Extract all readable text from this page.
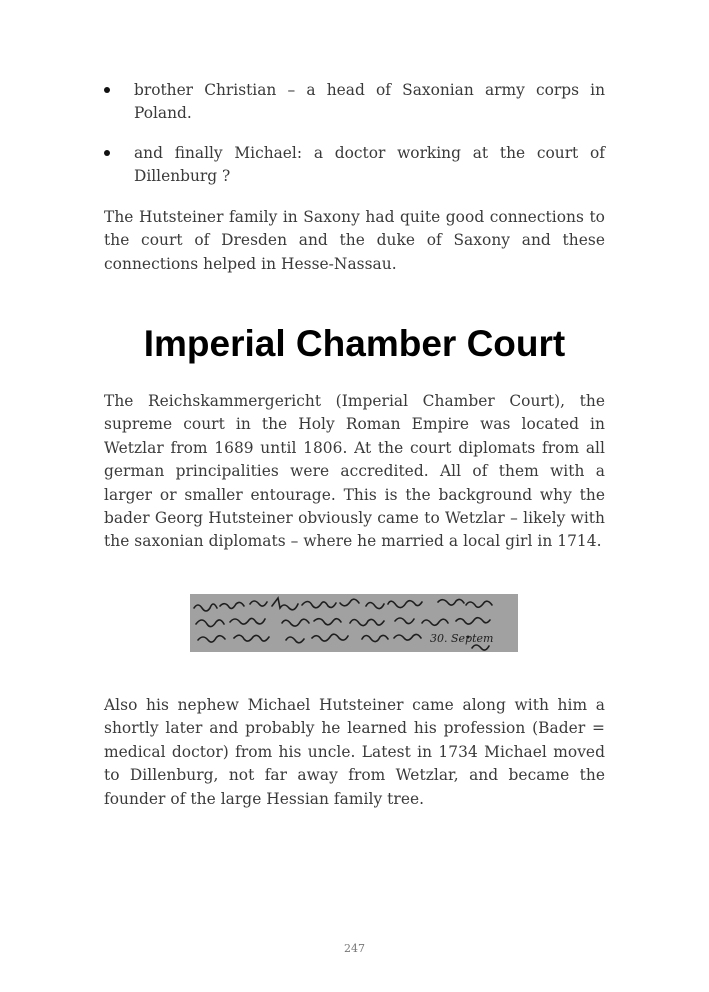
brother Christian – a head of Saxonian army corps in Poland.
and finally Michael: a doctor working at the court of Dillenburg ?

The Hutsteiner family in Saxony had quite good connections to the court of Dresden and the duke of Saxony and these connections helped in Hesse-Nassau.

Imperial Chamber Court

The Reichskammergericht (Imperial Chamber Court), the supreme court in the Holy Roman Empire was located in Wetzlar from 1689 until 1806. At the court diplomats from all german principalities were accredited. All of them with a larger or smaller entourage. This is the background why the bader Georg Hutsteiner obviously came to Wetzlar – likely with the saxonian diplomats – where he married a local girl in 1714.

30. Septem

Also his nephew Michael Hutsteiner came along with him a shortly later and probably he learned his profession (Bader = medical doctor) from his uncle. Latest in 1734 Michael moved to Dillenburg, not far away from Wetzlar, and became the founder of the large Hessian family tree.

247
